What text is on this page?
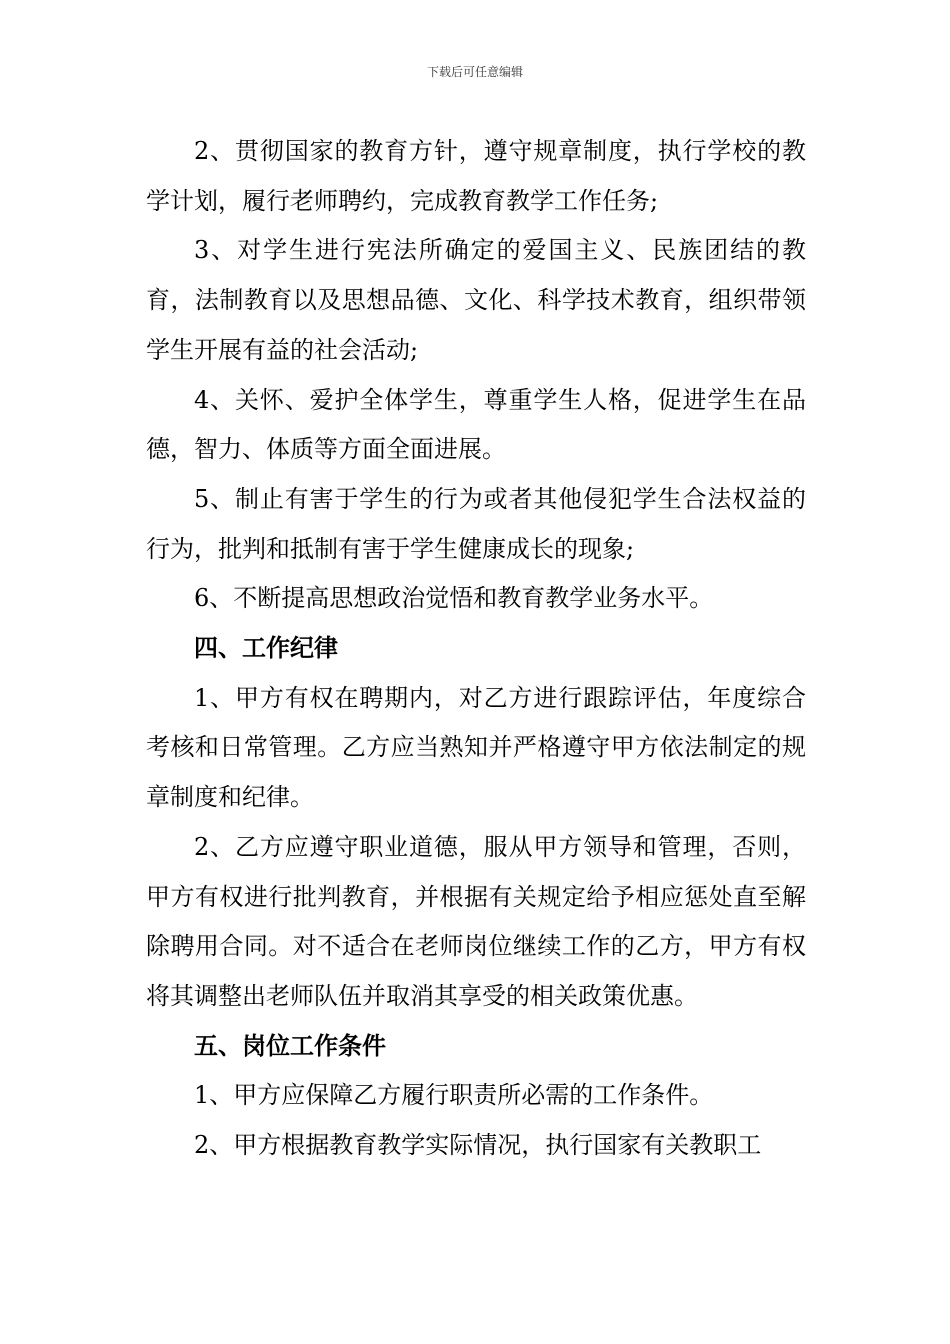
下载后可任意编辑

2、贯彻国家的教育方针，遵守规章制度，执行学校的教学计划，履行老师聘约，完成教育教学工作任务;

3、对学生进行宪法所确定的爱国主义、民族团结的教育，法制教育以及思想品德、文化、科学技术教育，组织带领学生开展有益的社会活动;

4、关怀、爱护全体学生，尊重学生人格，促进学生在品德，智力、体质等方面全面进展。

5、制止有害于学生的行为或者其他侵犯学生合法权益的行为，批判和抵制有害于学生健康成长的现象;

6、不断提高思想政治觉悟和教育教学业务水平。

四、工作纪律

1、甲方有权在聘期内，对乙方进行跟踪评估，年度综合考核和日常管理。乙方应当熟知并严格遵守甲方依法制定的规章制度和纪律。

2、乙方应遵守职业道德，服从甲方领导和管理，否则，甲方有权进行批判教育，并根据有关规定给予相应惩处直至解除聘用合同。对不适合在老师岗位继续工作的乙方，甲方有权将其调整出老师队伍并取消其享受的相关政策优惠。

五、岗位工作条件

1、甲方应保障乙方履行职责所必需的工作条件。

2、甲方根据教育教学实际情况，执行国家有关教职工
